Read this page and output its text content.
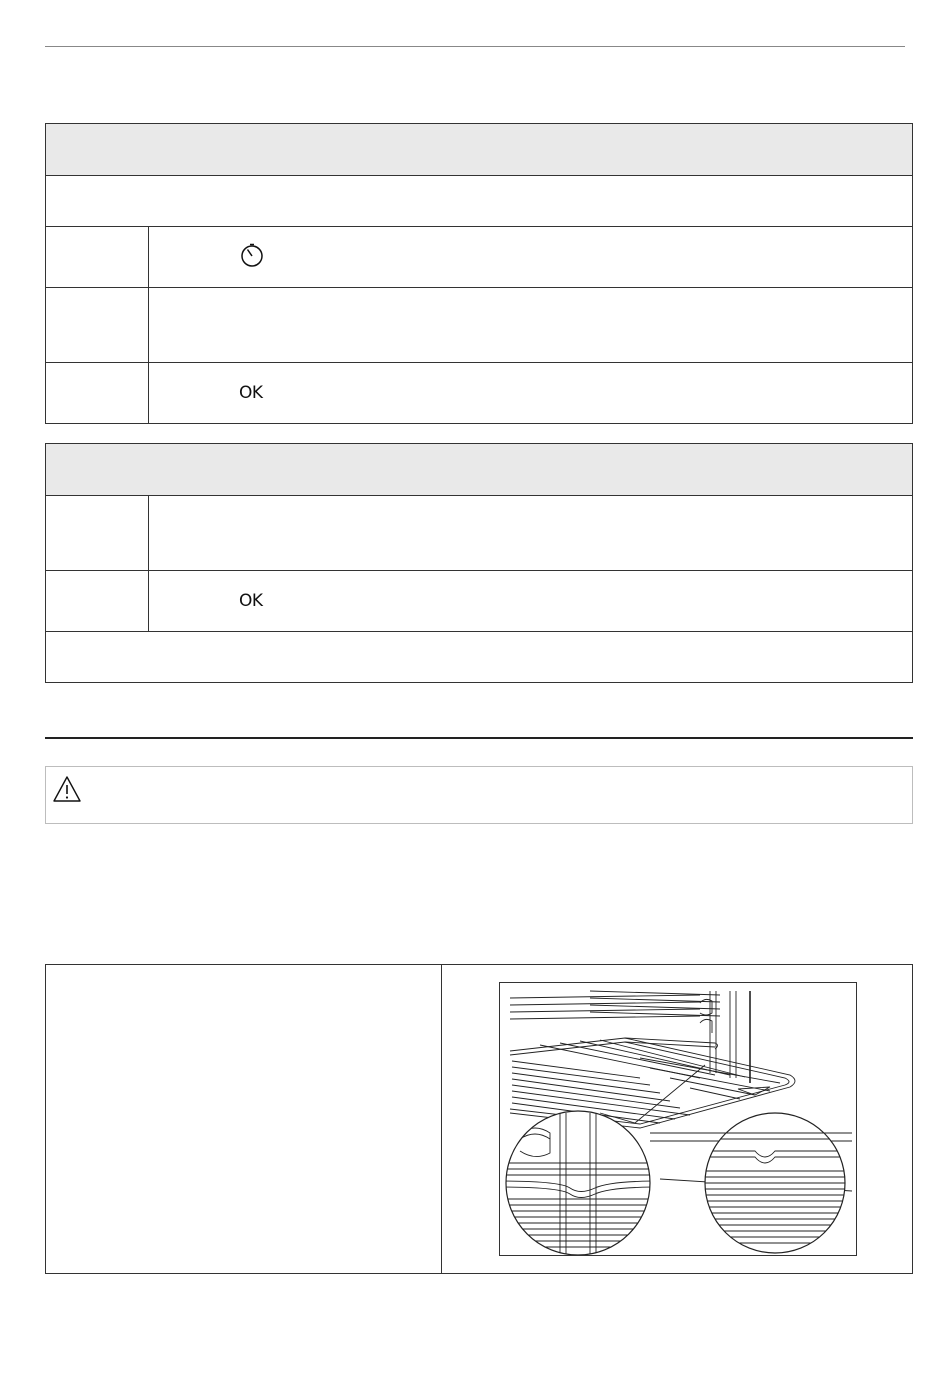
	OK

	OK
